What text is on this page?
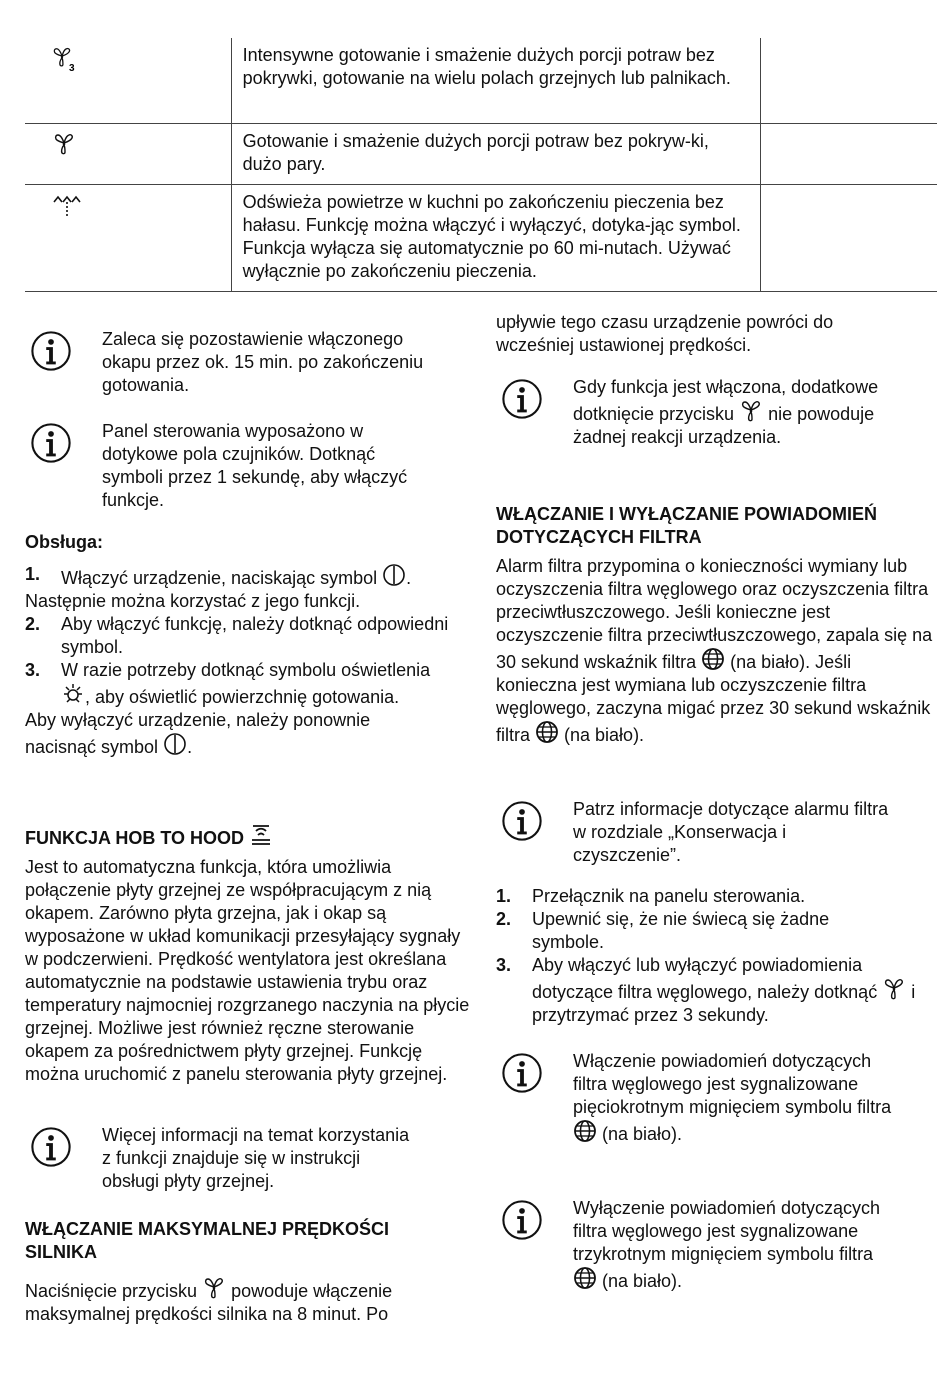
3	Intensywne gotowanie i smażenie dużych porcji potraw bez pokrywki, gotowanie na wielu polach grzejnych lub palnikach.	
	Gotowanie i smażenie dużych porcji potraw bez pokryw-ki, dużo pary.	
	Odświeża powietrze w kuchni po zakończeniu pieczenia bez hałasu. Funkcję można włączyć i wyłączyć, dotyka-jąc symbol. Funkcja wyłącza się automatycznie po 60 mi-nutach. Używać wyłącznie po zakończeniu pieczenia.	

Zaleca się pozostawienie włączonego okapu przez ok. 15 min. po zakończeniu gotowania.

Panel sterowania wyposażono w dotykowe pola czujników. Dotknąć symboli przez 1 sekundę, aby włączyć funkcje.

Obsługa:

1. Włączyć urządzenie, naciskając symbol .

Następnie można korzystać z jego funkcji.

2. Aby włączyć funkcję, należy dotknąć odpowiedni symbol.
3. W razie potrzeby dotknąć symbolu oświetlenia , aby oświetlić powierzchnię gotowania.

Aby wyłączyć urządzenie, należy ponownie nacisnąć symbol .

FUNKCJA HOB TO HOOD

Jest to automatyczna funkcja, która umożliwia połączenie płyty grzejnej ze współpracującym z nią okapem. Zarówno płyta grzejna, jak i okap są wyposażone w układ komunikacji przesyłający sygnały w podczerwieni. Prędkość wentylatora jest określana automatycznie na podstawie ustawienia trybu oraz temperatury najmocniej rozgrzanego naczynia na płycie grzejnej. Możliwe jest również ręczne sterowanie okapem za pośrednictwem płyty grzejnej. Funkcję można uruchomić z panelu sterowania płyty grzejnej.

Więcej informacji na temat korzystania z funkcji znajduje się w instrukcji obsługi płyty grzejnej.

WŁĄCZANIE MAKSYMALNEJ PRĘDKOŚCI SILNIKA

Naciśnięcie przycisku  powoduje włączenie maksymalnej prędkości silnika na 8 minut. Po

upływie tego czasu urządzenie powróci do wcześniej ustawionej prędkości.

Gdy funkcja jest włączona, dodatkowe dotknięcie przycisku  nie powoduje żadnej reakcji urządzenia.

WŁĄCZANIE I WYŁĄCZANIE POWIADOMIEŃ DOTYCZĄCYCH FILTRA

Alarm filtra przypomina o konieczności wymiany lub oczyszczenia filtra węglowego oraz oczyszczenia filtra przeciwtłuszczowego. Jeśli konieczne jest oczyszczenie filtra przeciwtłuszczowego, zapala się na 30 sekund wskaźnik filtra  (na biało). Jeśli konieczna jest wymiana lub oczyszczenie filtra węglowego, zaczyna migać przez 30 sekund wskaźnik filtra  (na biało).

Patrz informacje dotyczące alarmu filtra w rozdziale „Konserwacja i czyszczenie”.

1. Przełącznik na panelu sterowania.
2. Upewnić się, że nie świecą się żadne symbole.
3. Aby włączyć lub wyłączyć powiadomienia dotyczące filtra węglowego, należy dotknąć  i przytrzymać przez 3 sekundy.

Włączenie powiadomień dotyczących filtra węglowego jest sygnalizowane pięciokrotnym mignięciem symbolu filtra  (na biało).

Wyłączenie powiadomień dotyczących filtra węglowego jest sygnalizowane trzykrotnym mignięciem symbolu filtra  (na biało).
